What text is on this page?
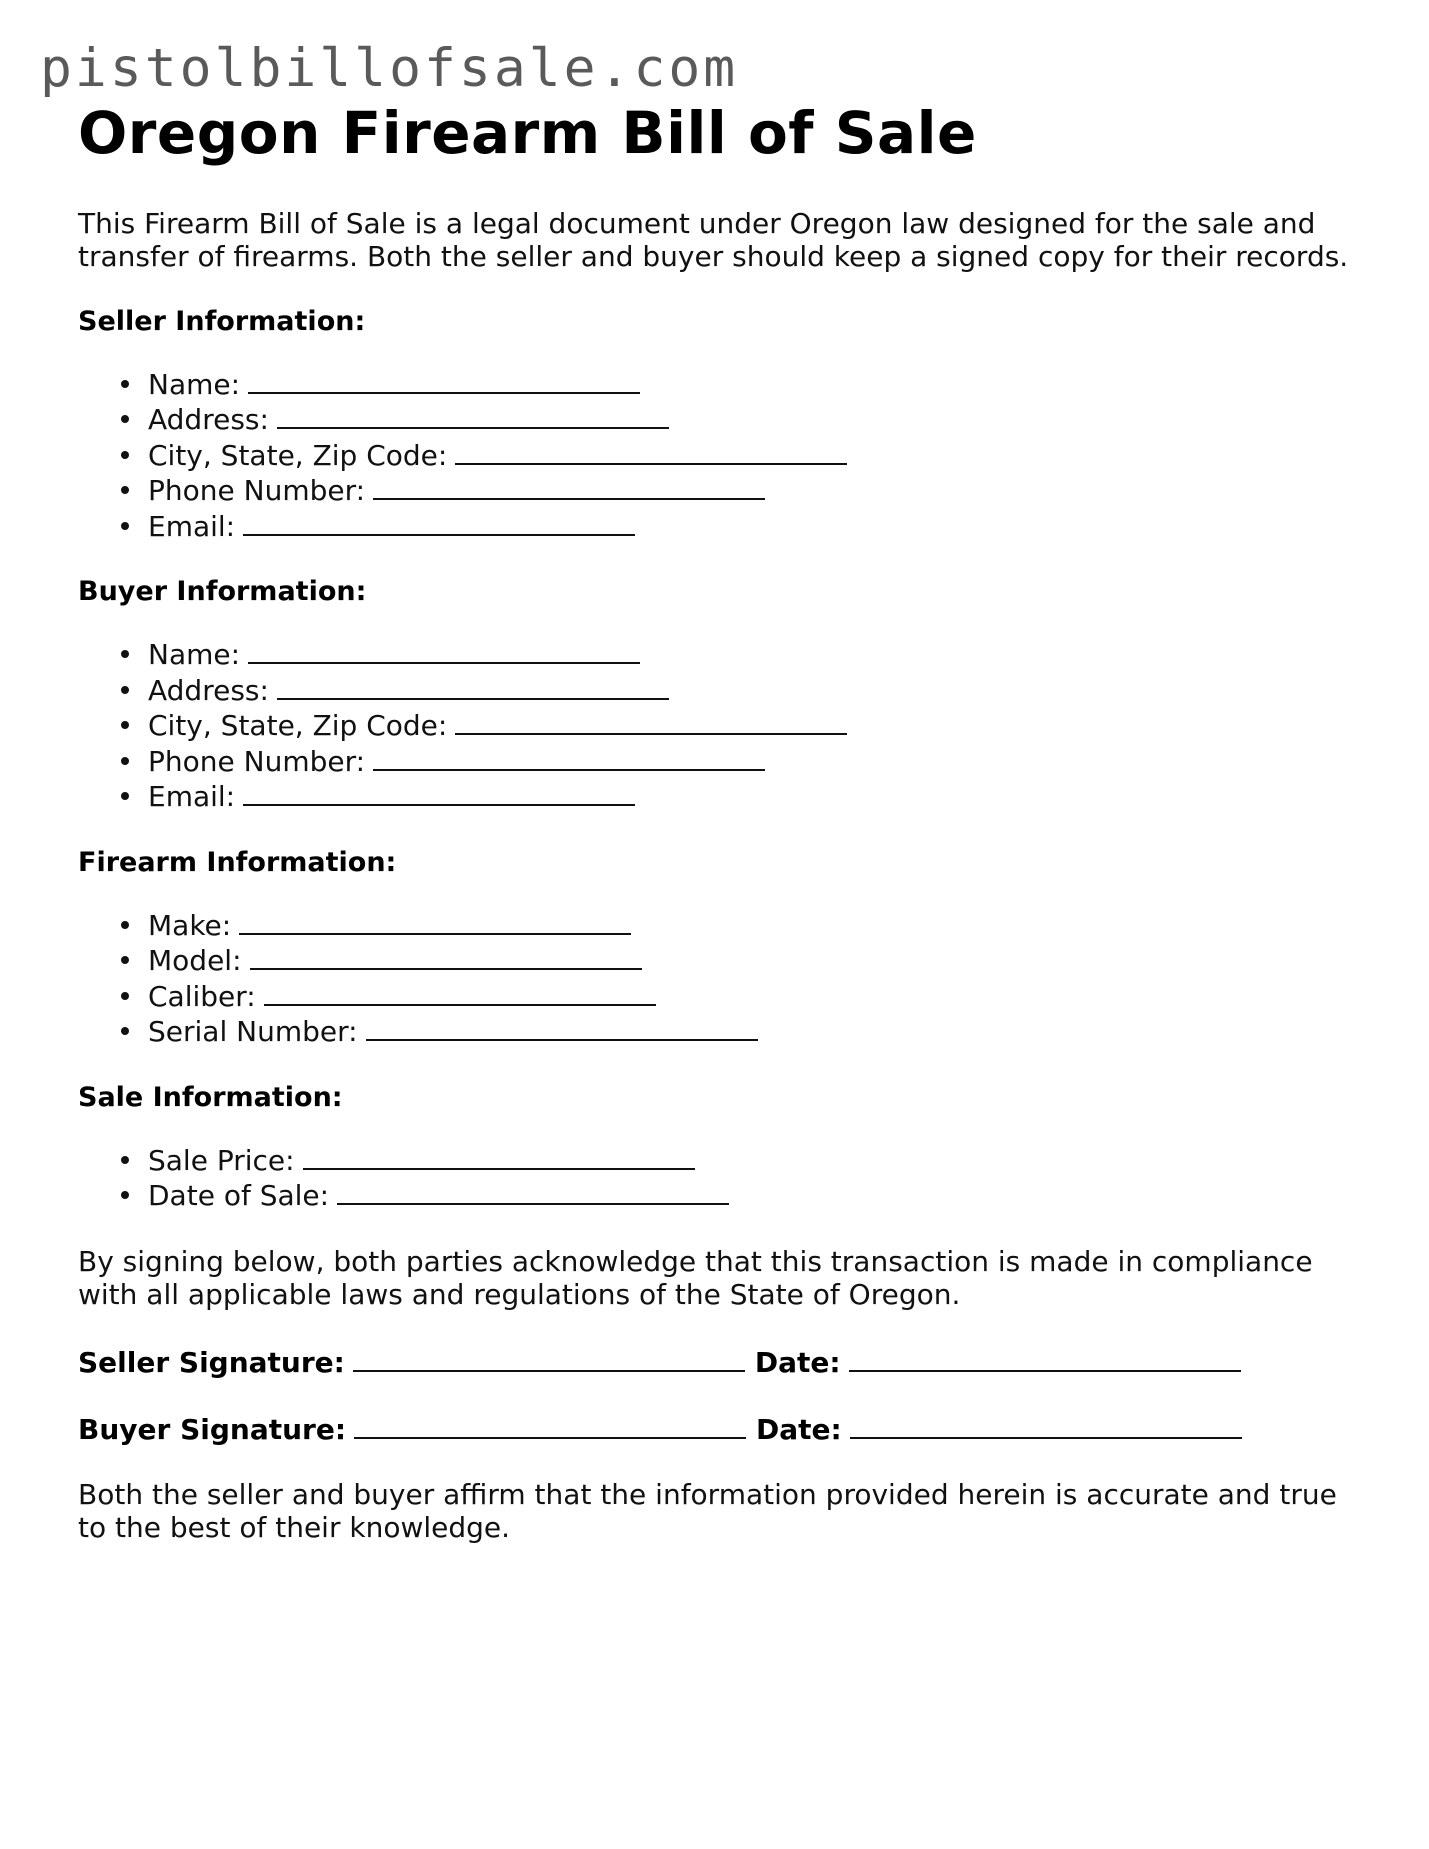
pistolbillofsale.com
Oregon Firearm Bill of Sale

This Firearm Bill of Sale is a legal document under Oregon law designed for the sale and transfer of firearms. Both the seller and buyer should keep a signed copy for their records.

Seller Information:
Name:
Address:
City, State, Zip Code:
Phone Number:
Email:
Buyer Information:
Name:
Address:
City, State, Zip Code:
Phone Number:
Email:
Firearm Information:
Make:
Model:
Caliber:
Serial Number:
Sale Information:
Sale Price:
Date of Sale:

By signing below, both parties acknowledge that this transaction is made in compliance with all applicable laws and regulations of the State of Oregon.

Seller Signature:	Date:
Buyer Signature:	Date:

Both the seller and buyer affirm that the information provided herein is accurate and true to the best of their knowledge.
